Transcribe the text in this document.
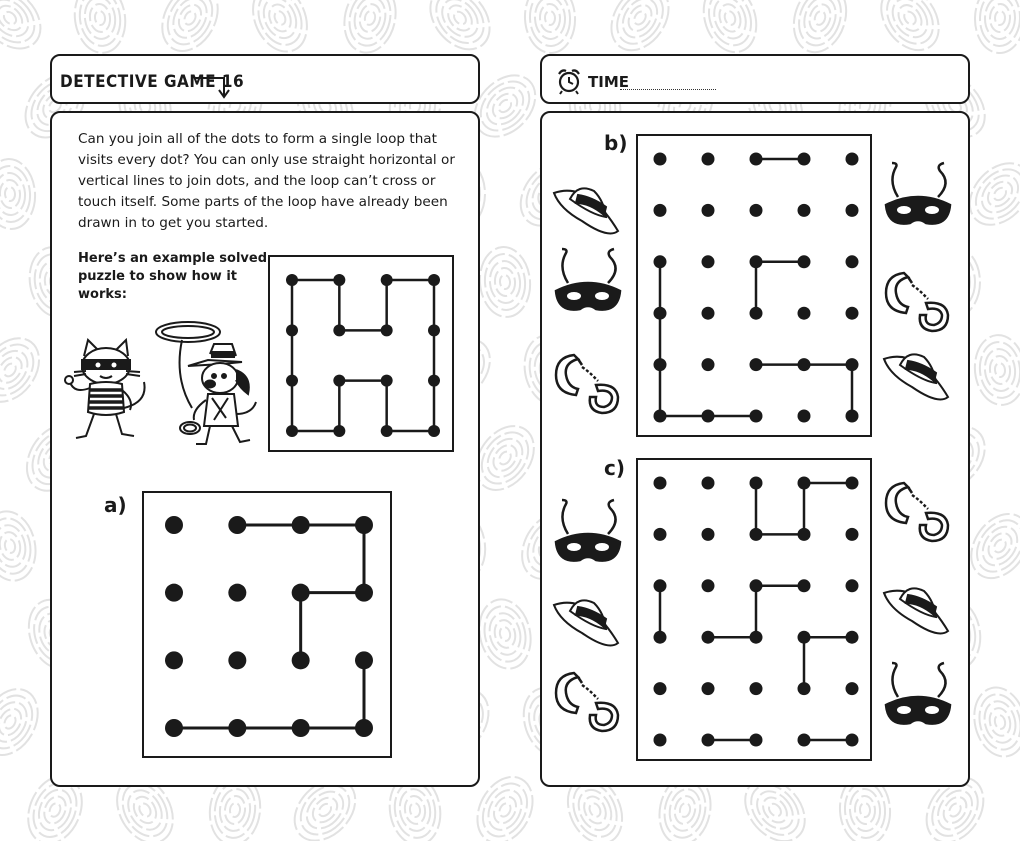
DETECTIVE GAME 16	TIME

Can you join all of the dots to form a single loop that visits every dot? You can only use straight horizontal or vertical lines to join dots, and the loop can’t cross or touch itself. Some parts of the loop have already been drawn in to get you started.

Here’s an example solved puzzle to show how it works:

a)
b)
c)
